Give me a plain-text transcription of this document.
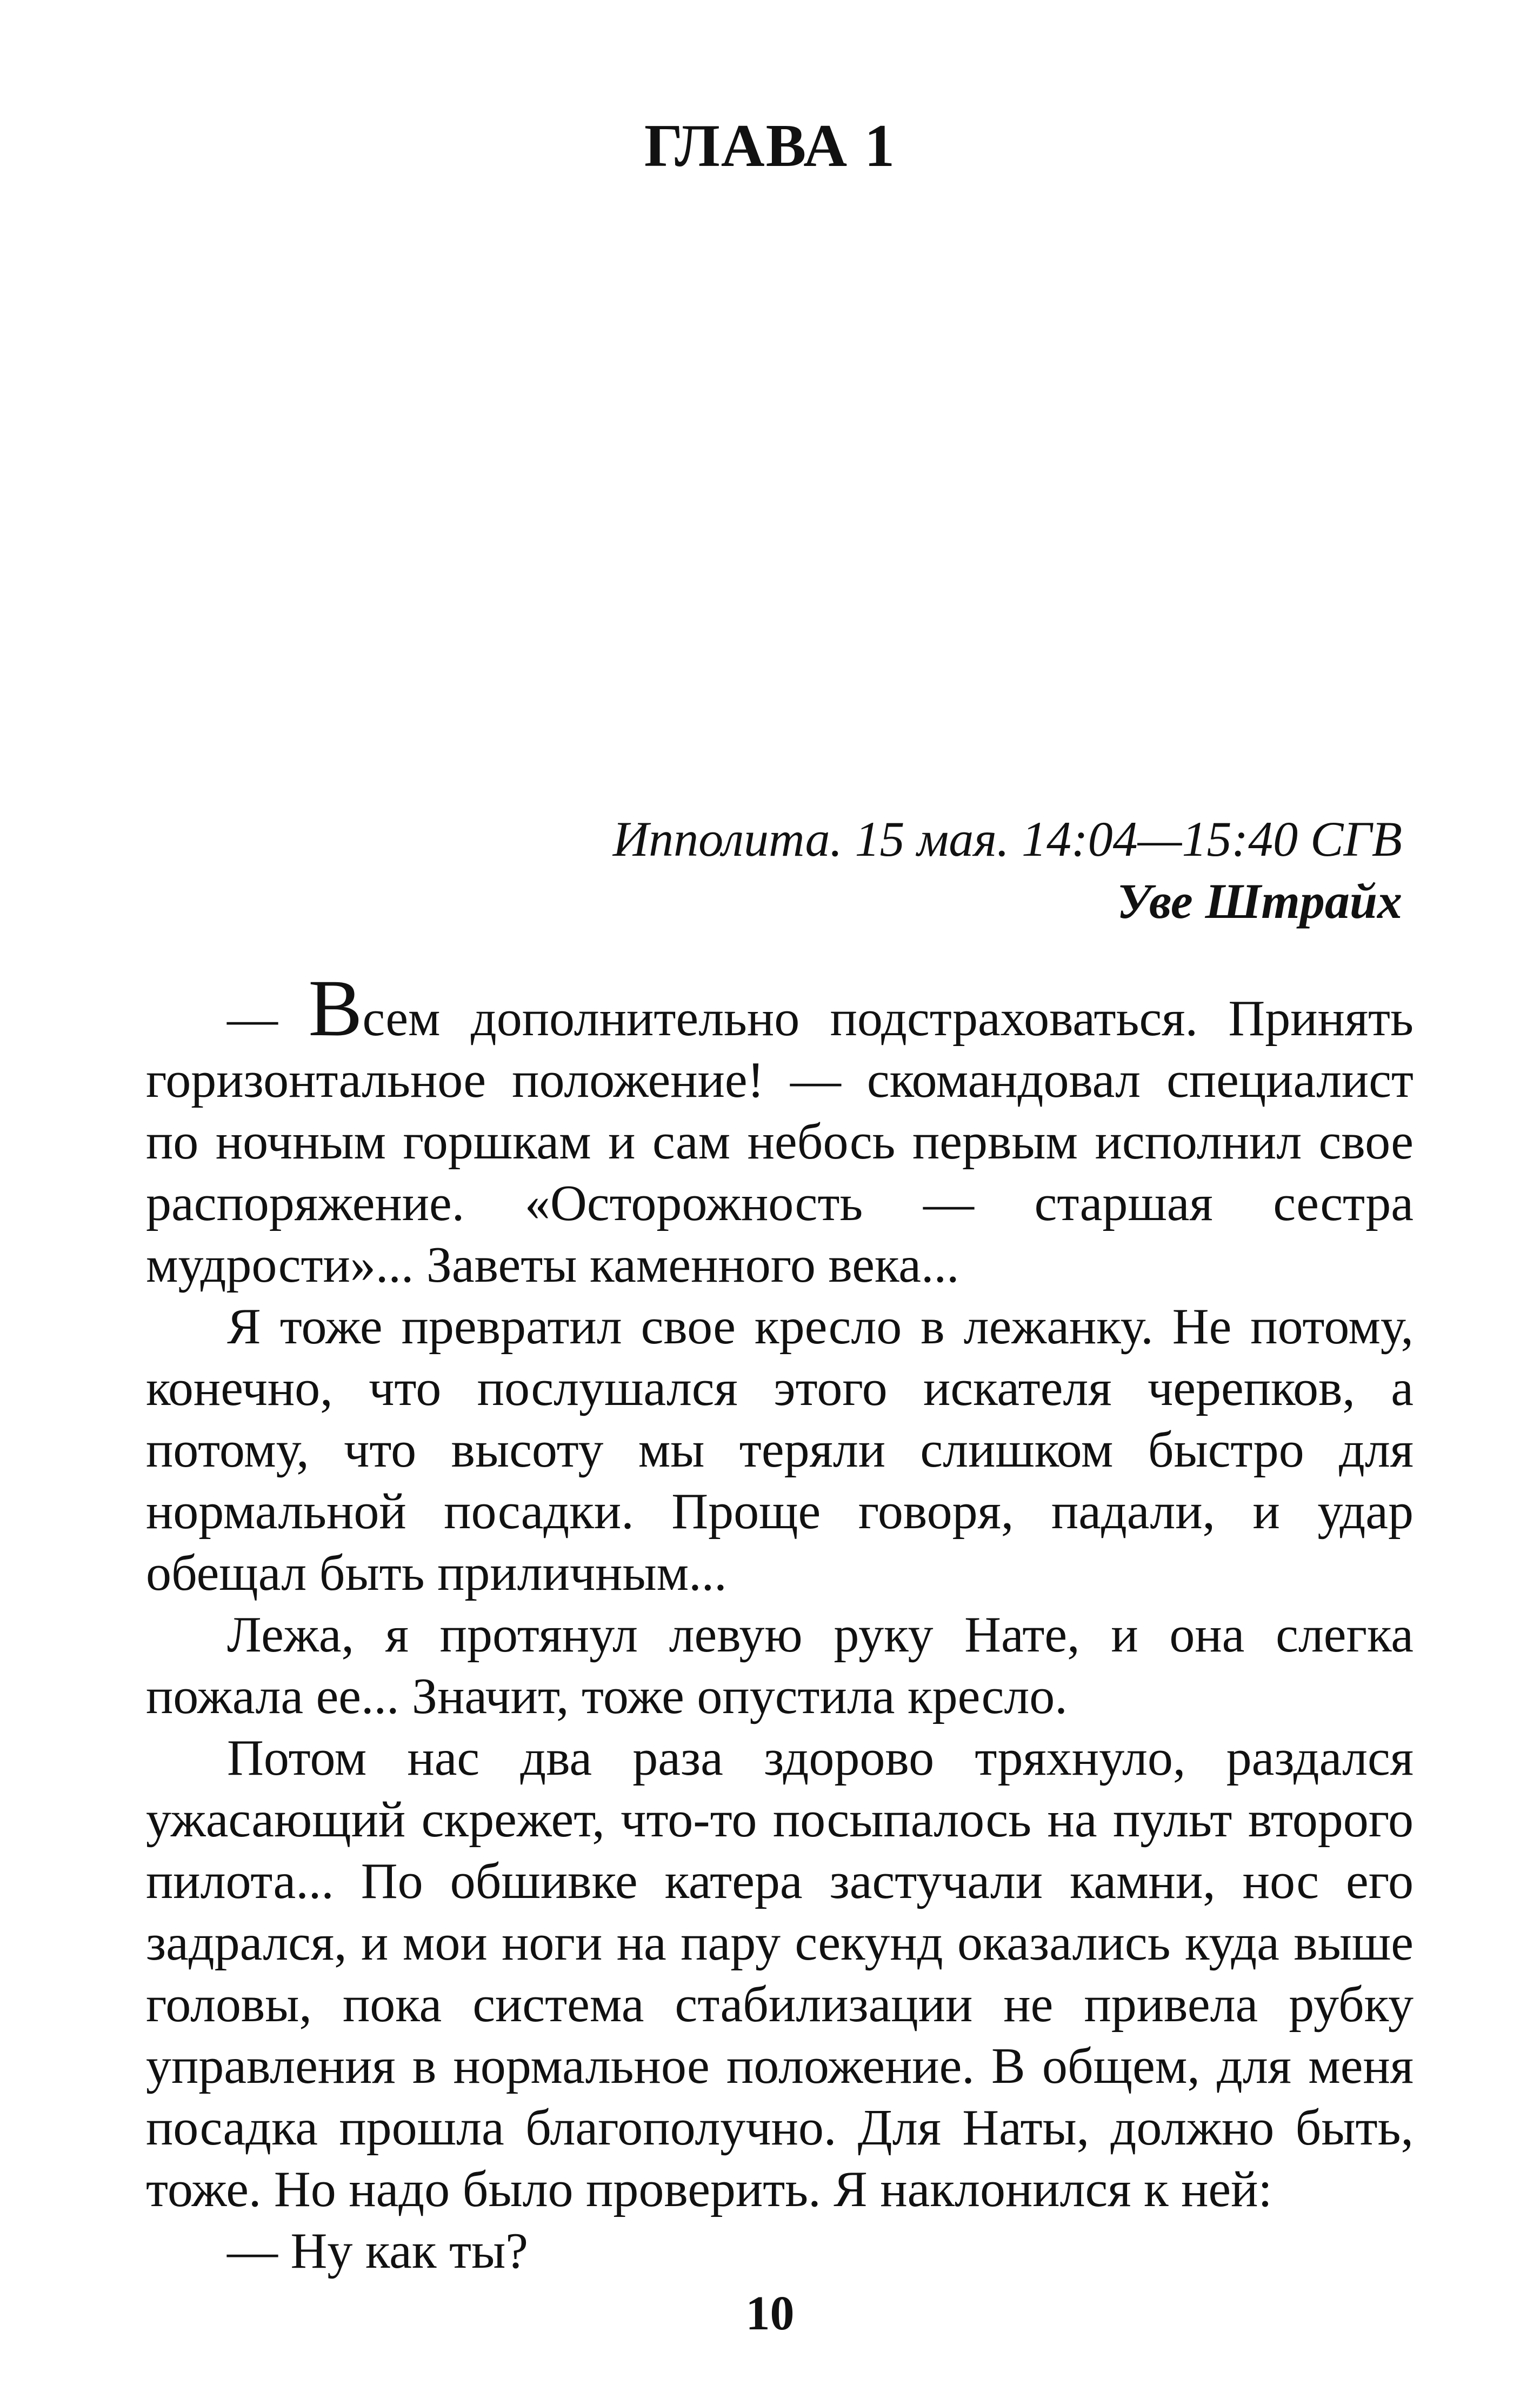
ГЛАВА 1
Ипполита. 15 мая. 14:04—15:40 СГВ
Уве Штрайх

— Всем дополнительно подстраховаться. Принять горизонтальное положение! — скомандовал специалист по ночным горшкам и сам небось первым исполнил свое распоряжение. «Осторожность — старшая сестра мудрости»... Заветы каменного века...

Я тоже превратил свое кресло в лежанку. Не потому, конечно, что послушался этого искателя черепков, а потому, что высоту мы теряли слишком быстро для нормальной посадки. Проще говоря, падали, и удар обещал быть приличным...

Лежа, я протянул левую руку Нате, и она слегка пожала ее... Значит, тоже опустила кресло.

Потом нас два раза здорово тряхнуло, раздался ужасающий скрежет, что-то посыпалось на пульт второго пилота... По обшивке катера застучали камни, нос его задрался, и мои ноги на пару секунд оказались куда выше головы, пока система стабилизации не привела рубку управления в нормальное положение. В общем, для меня посадка прошла благополучно. Для Наты, должно быть, тоже. Но надо было проверить. Я наклонился к ней:

— Ну как ты?

10
